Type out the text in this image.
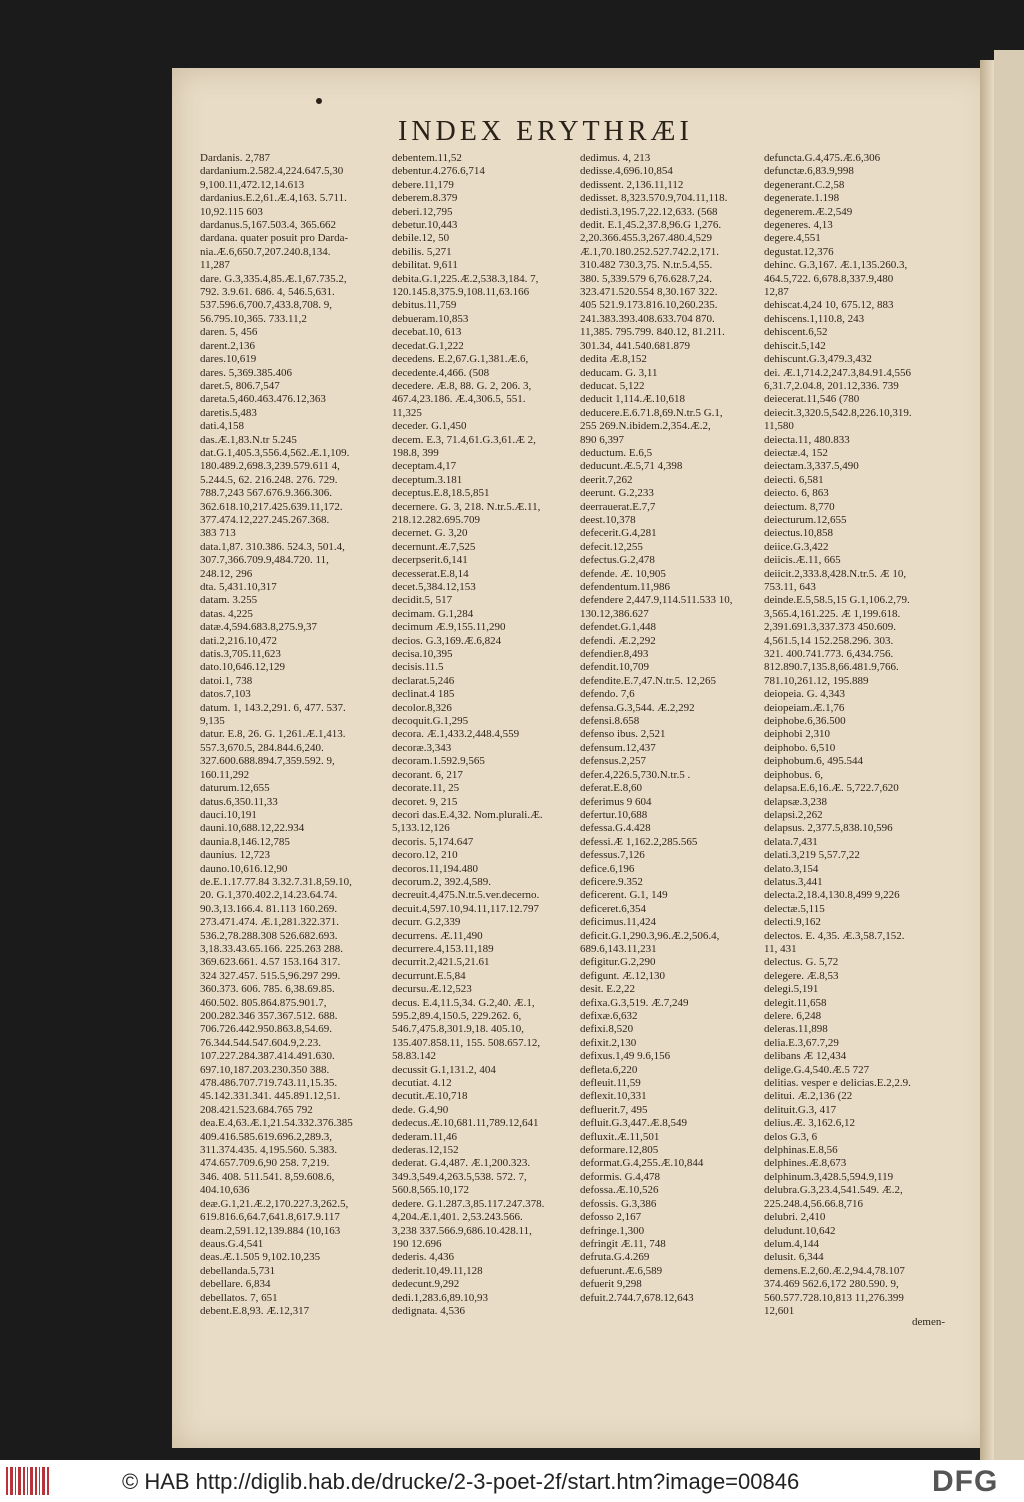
INDEX ERYTHRÆI
Dardanis. 2,787
dardanium.2.582.4,224.647.5,30
9,100.11,472.12,14.613
dardanius.E.2,61.Æ.4,163. 5.711.
10,92.115 603
dardanus.5,167.503.4, 365.662
dardana. quater posuit pro Darda-
nia.Æ.6,650.7,207.240.8,134.
11,287
dare. G.3,335.4,85.Æ.1,67.735.2,
792. 3.9.61. 686. 4, 546.5,631.
537.596.6,700.7,433.8,708. 9,
56.795.10,365. 733.11,2
daren. 5, 456
darent.2,136
dares.10,619
dares. 5,369.385.406
daret.5, 806.7,547
dareta.5,460.463.476.12,363
daretis.5,483
dati.4,158
das.Æ.1,83.N.tr 5.245
dat.G.1,405.3,556.4,562.Æ.1,109.
180.489.2,698.3,239.579.611 4,
5.244.5, 62. 216.248. 276. 729.
788.7,243 567.676.9.366.306.
362.618.10,217.425.639.11,172.
377.474.12,227.245.267.368.
383 713
data.1,87. 310.386. 524.3, 501.4,
307.7,366.709.9,484.720. 11,
248.12, 296
dta. 5,431.10,317
datam. 3.255
datas. 4,225
datæ.4,594.683.8,275.9,37
dati.2,216.10,472
datis.3,705.11,623
dato.10,646.12,129
datoi.1, 738
datos.7,103
datum. 1, 143.2,291. 6, 477. 537.
9,135
datur. E.8, 26. G. 1,261.Æ.1,413.
557.3,670.5, 284.844.6,240.
327.600.688.894.7,359.592. 9,
160.11,292
daturum.12,655
datus.6,350.11,33
dauci.10,191
dauni.10,688.12,22.934
daunia.8,146.12,785
daunius. 12,723
dauno.10,616.12,90
de.E.1.17.77.84 3.32.7.31.8,59.10,
20. G.1,370.402.2,14.23.64.74.
90.3,13.166.4. 81.113 160.269.
273.471.474. Æ.1,281.322.371.
536.2,78.288.308 526.682.693.
3,18.33.43.65.166. 225.263 288.
369.623.661. 4.57 153.164 317.
324 327.457. 515.5,96.297 299.
360.373. 606. 785. 6,38.69.85.
460.502. 805.864.875.901.7,
200.282.346 357.367.512. 688.
706.726.442.950.863.8,54.69.
76.344.544.547.604.9,2.23.
107.227.284.387.414.491.630.
697.10,187.203.230.350 388.
478.486.707.719.743.11,15.35.
45.142.331.341. 445.891.12,51.
208.421.523.684.765 792
dea.E.4,63.Æ.1,21.54.332.376.385
409.416.585.619.696.2,289.3,
311.374.435. 4,195.560. 5.383.
474.657.709.6,90 258. 7,219.
346. 408. 511.541. 8,59.608.6,
404.10,636
deæ.G.1,21.Æ.2,170.227.3,262.5,
619.816.6,64.7,641.8,617.9.117
deam.2,591.12,139.884 (10,163
deaus.G.4,541
deas.Æ.1.505 9,102.10,235
debellanda.5,731
debellare. 6,834
debellatos. 7, 651
debent.E.8,93. Æ.12,317
debentem.11,52
debentur.4.276.6,714
debere.11,179
deberem.8.379
deberi.12,795
debetur.10,443
debile.12, 50
debilis. 5,271
debilitat. 9,611
debita.G.1,225.Æ.2,538.3,184. 7,
120.145.8,375.9,108.11,63.166
debitus.11,759
debueram.10,853
decebat.10, 613
decedat.G.1,222
decedens. E.2,67.G.1,381.Æ.6,
decedente.4,466. (508
decedere. Æ.8, 88. G. 2, 206. 3,
467.4,23.186. Æ.4,306.5, 551.
11,325
deceder. G.1,450
decem. E.3, 71.4,61.G.3,61.Æ 2,
198.8, 399
deceptam.4,17
deceptum.3.181
deceptus.E.8,18.5,851
decernere. G. 3, 218. N.tr.5.Æ.11,
218.12.282.695.709
decernet. G. 3,20
decernunt.Æ.7,525
decerpserit.6,141
decesserat.E.8,14
decet.5,384.12,153
decidit.5, 517
decimam. G.1,284
decimum Æ.9,155.11,290
decios. G.3,169.Æ.6,824
decisa.10,395
decisis.11.5
declarat.5,246
declinat.4 185
decolor.8,326
decoquit.G.1,295
decora. Æ.1,433.2,448.4,559
decoræ.3,343
decoram.1.592.9,565
decorant. 6, 217
decorate.11, 25
decoret. 9, 215
decori das.E.4,32. Nom.plurali.Æ.
5,133.12,126
decoris. 5,174.647
decoro.12, 210
decoros.11,194.480
decorum.2, 392.4,589.
decreuit.4,475.N.tr.5.ver.decerno.
decuit.4,597.10,94.11,117.12.797
decurr. G.2,339
decurrens. Æ.11,490
decurrere.4,153.11,189
decurrit.2,421.5,21.61
decurrunt.E.5,84
decursu.Æ.12,523
decus. E.4,11.5,34. G.2,40. Æ.1,
595.2,89.4,150.5, 229.262. 6,
546.7,475.8,301.9,18. 405.10,
135.407.858.11, 155. 508.657.12,
58.83.142
decussit G.1,131.2, 404
decutiat. 4.12
decutit.Æ.10,718
dede. G.4,90
dedecus.Æ.10,681.11,789.12,641
dederam.11,46
dederas.12,152
dederat. G.4,487. Æ.1,200.323.
349.3,549.4,263.5,538. 572. 7,
560.8,565.10,172
dedere. G.1.287.3,85.117.247.378.
4,204.Æ.1,401. 2,53.243.566.
3,238 337.566.9,686.10.428.11,
190 12.696
dederis. 4,436
dederit.10,49.11,128
dedecunt.9,292
dedi.1,283.6,89.10,93
dedignata. 4,536
dedimus. 4, 213
dedisse.4,696.10,854
dedissent. 2,136.11,112
dedisset. 8,323.570.9,704.11,118.
dedisti.3,195.7,22.12,633. (568
dedit. E.1,45.2,37.8,96.G 1,276.
2,20.366.455.3,267.480.4,529
Æ.1,70.180.252.527.742.2,171.
310.482 730.3,75. N.tr.5.4,55.
380. 5,339.579 6,76.628.7,24.
323.471.520.554 8,30.167 322.
405 521.9.173.816.10,260.235.
241.383.393.408.633.704 870.
11,385. 795.799. 840.12, 81.211.
301.34, 441.540.681.879
dedita Æ.8,152
deducam. G. 3,11
deducat. 5,122
deducit 1,114.Æ.10,618
deducere.E.6.71.8,69.N.tr.5 G.1,
255 269.N.ibidem.2,354.Æ.2,
890 6,397
deductum. E.6,5
deducunt.Æ.5,71 4,398
deerit.7,262
deerunt. G.2,233
deerrauerat.E.7,7
deest.10,378
defecerit.G.4,281
defecit.12,255
defectus.G.2,478
defende. Æ. 10,905
defendentum.11,986
defendere 2,447.9,114.511.533 10,
130.12,386.627
defendet.G.1,448
defendi. Æ.2,292
defendier.8,493
defendit.10,709
defendite.E.7,47.N.tr.5. 12,265
defendo. 7,6
defensa.G.3,544. Æ.2,292
defensi.8.658
defenso ibus. 2,521
defensum.12,437
defensus.2,257
defer.4,226.5,730.N.tr.5 .
deferat.E.8,60
deferimus 9 604
defertur.10,688
defessa.G.4.428
defessi.Æ 1,162.2,285.565
defessus.7,126
defice.6,196
deficere.9.352
deficerent. G.1, 149
deficeret.6,354
deficimus.11,424
deficit.G.1,290.3,96.Æ.2,506.4,
689.6,143.11,231
defigitur.G.2,290
defigunt. Æ.12,130
desit. E.2,22
defixa.G.3,519. Æ.7,249
defixæ.6,632
defixi.8,520
defixit.2,130
defixus.1,49 9.6,156
defleta.6,220
defleuit.11,59
deflexit.10,331
defluerit.7, 495
defluit.G.3,447.Æ.8,549
defluxit.Æ.11,501
deformare.12,805
deformat.G.4,255.Æ.10,844
deformis. G.4,478
defossa.Æ.10,526
defossis. G.3,386
defosso 2,167
defringe.1,300
defringit Æ.11, 748
defruta.G.4.269
defuerunt.Æ.6,589
defuerit 9,298
defuit.2.744.7,678.12,643
defuncta.G.4,475.Æ.6,306
defunctæ.6,83.9,998
degenerant.C.2,58
degenerate.1.198
degenerem.Æ.2,549
degeneres. 4,13
degere.4,551
degustat.12,376
dehinc. G.3,167. Æ.1,135.260.3,
464.5,722. 6,678.8,337.9,480
12,87
dehiscat.4,24 10, 675.12, 883
dehiscens.1,110.8, 243
dehiscent.6,52
dehiscit.5,142
dehiscunt.G.3,479.3,432
dei. Æ.1,714.2,247.3,84.91.4,556
6,31.7,2.04.8, 201.12,336. 739
deiecerat.11,546 (780
deiecit.3,320.5,542.8,226.10,319.
11,580
deiecta.11, 480.833
deiectæ.4, 152
deiectam.3,337.5,490
deiecti. 6,581
deiecto. 6, 863
deiectum. 8,770
deiecturum.12,655
deiectus.10,858
deiice.G.3,422
deiicis.Æ.11, 665
deiicit.2,333.8,428.N.tr.5. Æ 10,
753.11, 643
deinde.E.5,58.5,15 G.1,106.2,79.
3,565.4,161.225. Æ 1,199.618.
2,391.691.3,337.373 450.609.
4,561.5,14 152.258.296. 303.
321. 400.741.773. 6,434.756.
812.890.7,135.8,66.481.9,766.
781.10,261.12, 195.889
deiopeia. G. 4,343
deiopeiam.Æ.1,76
deiphobe.6,36.500
deiphobi 2,310
deiphobo. 6,510
deiphobum.6, 495.544
deiphobus. 6,
delapsa.E.6,16.Æ. 5,722.7,620
delapsæ.3,238
delapsi.2,262
delapsus. 2,377.5,838.10,596
delata.7,431
delati.3,219 5,57.7,22
delato.3,154
delatus.3,441
delecta.2,18.4,130.8,499 9,226
delectæ.5,115
delecti.9,162
delectos. E. 4,35. Æ.3,58.7,152.
11, 431
delectus. G. 5,72
delegere. Æ.8,53
delegi.5,191
delegit.11,658
delere. 6,248
deleras.11,898
delia.E.3,67.7,29
delibans Æ 12,434
delige.G.4,540.Æ.5 727
delitias. vesper e delicias.E.2,2.9.
delitui. Æ.2,136 (22
delituit.G.3, 417
delius.Æ. 3,162.6,12
delos G.3, 6
delphinas.E.8,56
delphines.Æ.8,673
delphinum.3,428.5,594.9,119
delubra.G.3,23.4,541.549. Æ.2,
225.248.4,56.66.8,716
delubri. 2,410
deludunt.10,642
delum.4,144
delusit. 6,344
demens.E.2,60.Æ.2,94.4,78.107
374.469 562.6,172 280.590. 9,
560.577.728.10,813 11,276.399
12,601
demen-
© HAB http://diglib.hab.de/drucke/2-3-poet-2f/start.htm?image=00846	DFG
